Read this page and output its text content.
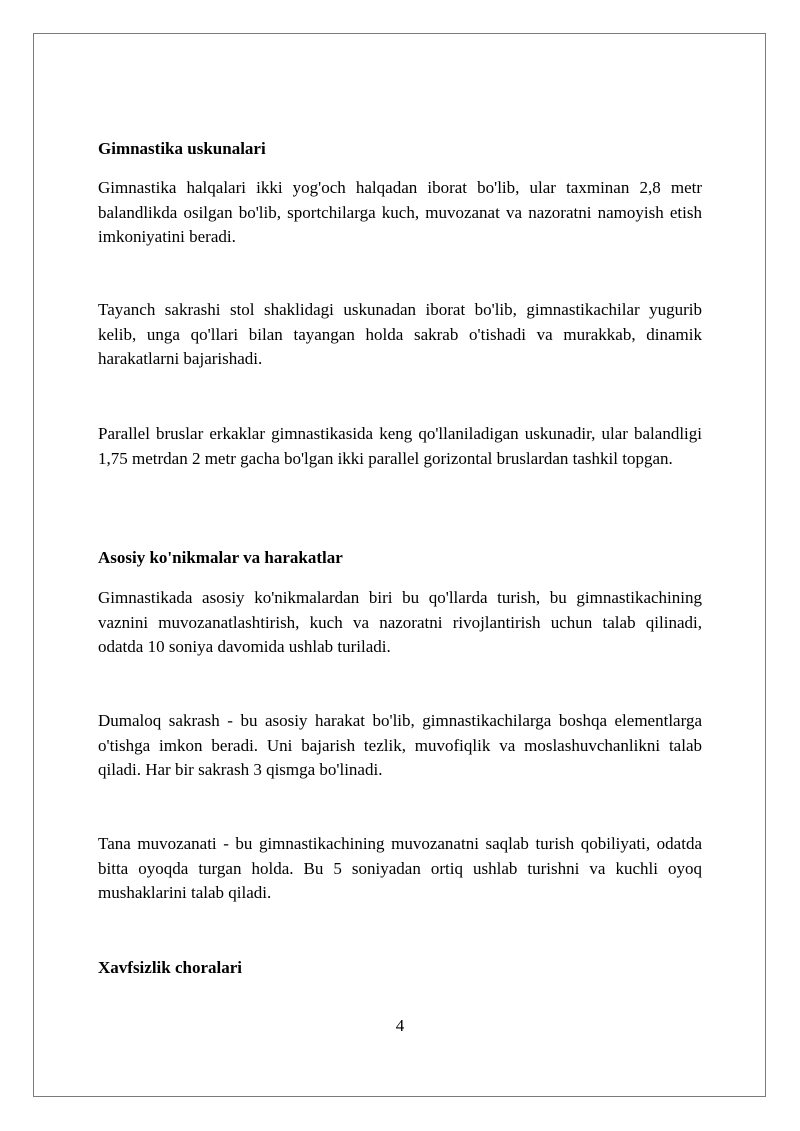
Gimnastika uskunalari

Gimnastika halqalari ikki yog'och halqadan iborat bo'lib, ular taxminan 2,8 metr balandlikda osilgan bo'lib, sportchilarga kuch, muvozanat va nazoratni namoyish etish imkoniyatini beradi.

Tayanch sakrashi stol shaklidagi uskunadan iborat bo'lib, gimnastikachilar yugurib kelib, unga qo'llari bilan tayangan holda sakrab o'tishadi va murakkab, dinamik harakatlarni bajarishadi.

Parallel bruslar erkaklar gimnastikasida keng qo'llaniladigan uskunadir, ular balandligi 1,75 metrdan 2 metr gacha bo'lgan ikki parallel gorizontal bruslardan tashkil topgan.

Asosiy ko'nikmalar va harakatlar

Gimnastikada asosiy ko'nikmalardan biri bu qo'llarda turish, bu gimnastikachining vaznini muvozanatlashtirish, kuch va nazoratni rivojlantirish uchun talab qilinadi, odatda 10 soniya davomida ushlab turiladi.

Dumaloq sakrash - bu asosiy harakat bo'lib, gimnastikachilarga boshqa elementlarga o'tishga imkon beradi. Uni bajarish tezlik, muvofiqlik va moslashuvchanlikni talab qiladi. Har bir sakrash 3 qismga bo'linadi.

Tana muvozanati - bu gimnastikachining muvozanatni saqlab turish qobiliyati, odatda bitta oyoqda turgan holda. Bu 5 soniyadan ortiq ushlab turishni va kuchli oyoq mushaklarini talab qiladi.

Xavfsizlik choralari
4
